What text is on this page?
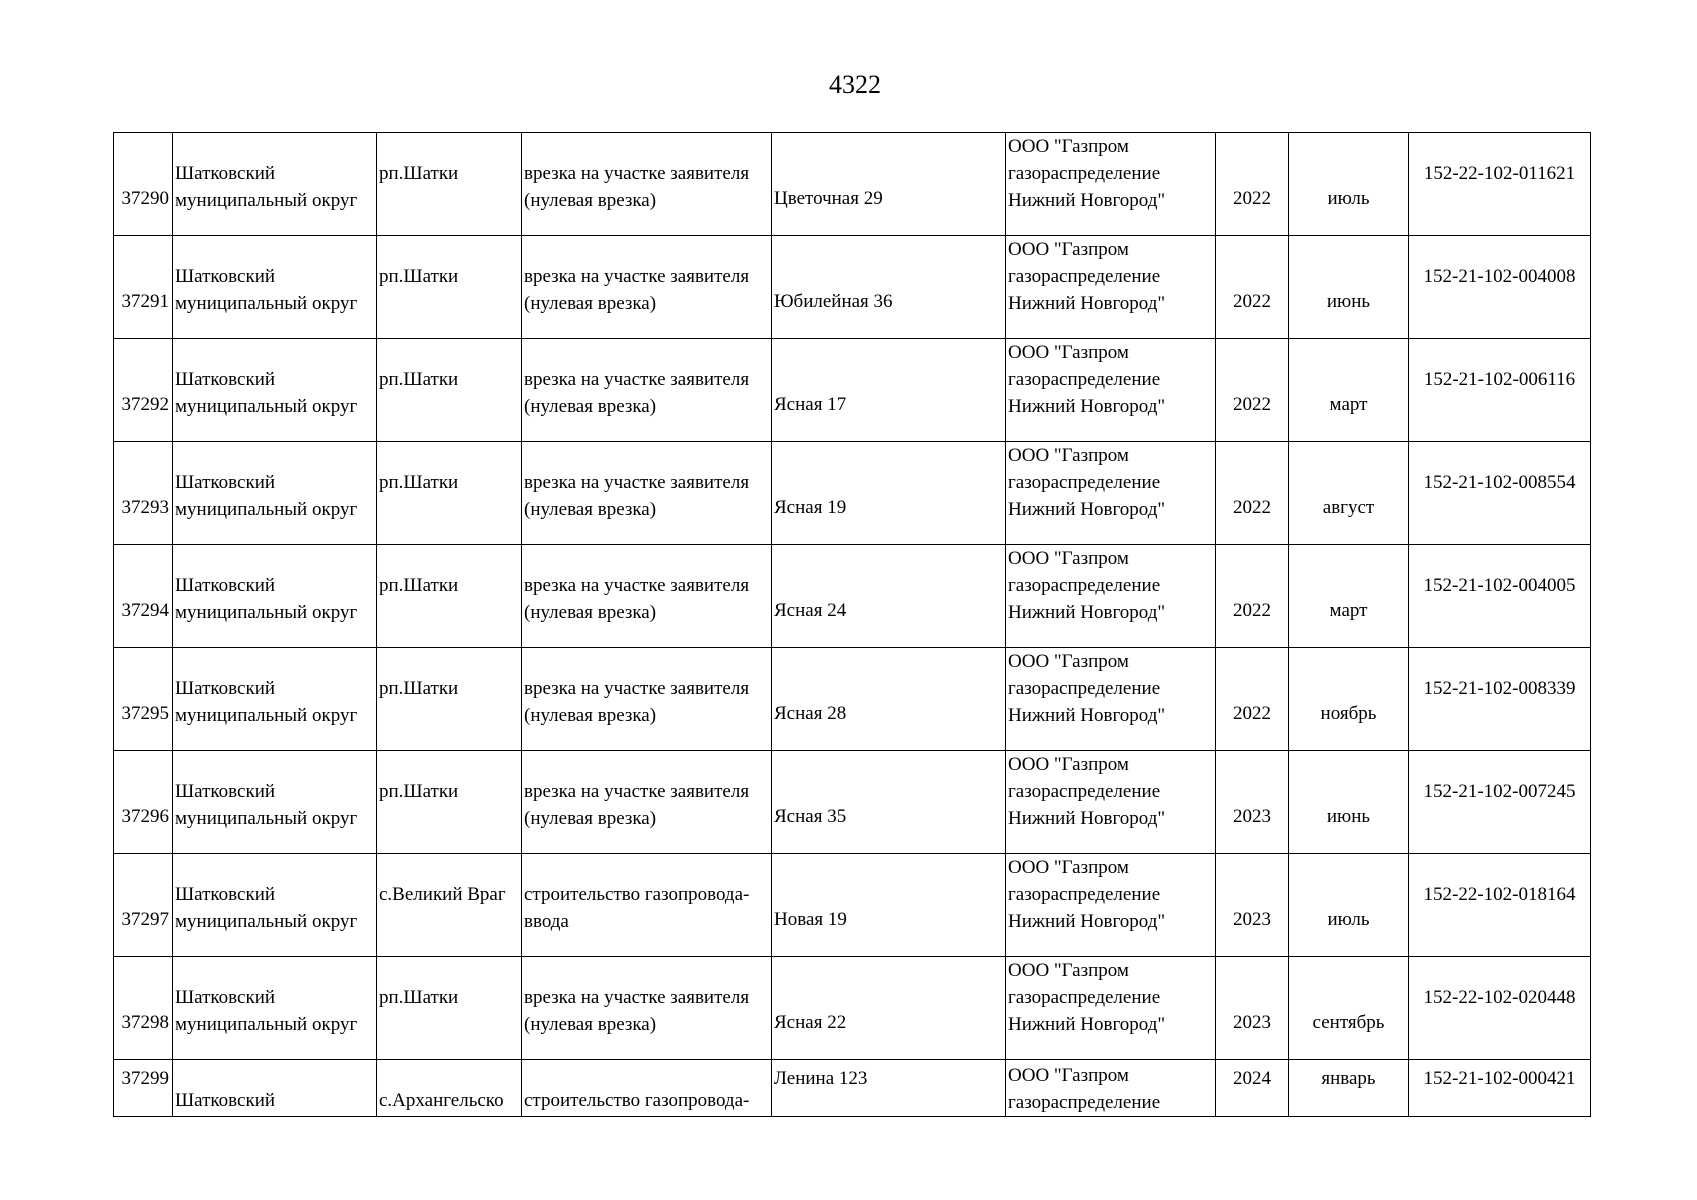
4322
37290	Шатковский
муниципальный округ	рп.Шатки	врезка на участке заявителя
(нулевая врезка)	Цветочная 29	ООО "Газпром
газораспределение
Нижний Новгород"	2022	июль	152-22-102-011621
37291	Шатковский
муниципальный округ	рп.Шатки	врезка на участке заявителя
(нулевая врезка)	Юбилейная 36	ООО "Газпром
газораспределение
Нижний Новгород"	2022	июнь	152-21-102-004008
37292	Шатковский
муниципальный округ	рп.Шатки	врезка на участке заявителя
(нулевая врезка)	Ясная 17	ООО "Газпром
газораспределение
Нижний Новгород"	2022	март	152-21-102-006116
37293	Шатковский
муниципальный округ	рп.Шатки	врезка на участке заявителя
(нулевая врезка)	Ясная 19	ООО "Газпром
газораспределение
Нижний Новгород"	2022	август	152-21-102-008554
37294	Шатковский
муниципальный округ	рп.Шатки	врезка на участке заявителя
(нулевая врезка)	Ясная 24	ООО "Газпром
газораспределение
Нижний Новгород"	2022	март	152-21-102-004005
37295	Шатковский
муниципальный округ	рп.Шатки	врезка на участке заявителя
(нулевая врезка)	Ясная 28	ООО "Газпром
газораспределение
Нижний Новгород"	2022	ноябрь	152-21-102-008339
37296	Шатковский
муниципальный округ	рп.Шатки	врезка на участке заявителя
(нулевая врезка)	Ясная 35	ООО "Газпром
газораспределение
Нижний Новгород"	2023	июнь	152-21-102-007245
37297	Шатковский
муниципальный округ	с.Великий Враг	строительство газопровода-
ввода	Новая 19	ООО "Газпром
газораспределение
Нижний Новгород"	2023	июль	152-22-102-018164
37298	Шатковский
муниципальный округ	рп.Шатки	врезка на участке заявителя
(нулевая врезка)	Ясная 22	ООО "Газпром
газораспределение
Нижний Новгород"	2023	сентябрь	152-22-102-020448
37299	Шатковский	с.Архангельско	строительство газопровода-	Ленина 123	ООО "Газпром
газораспределение	2024	январь	152-21-102-000421
